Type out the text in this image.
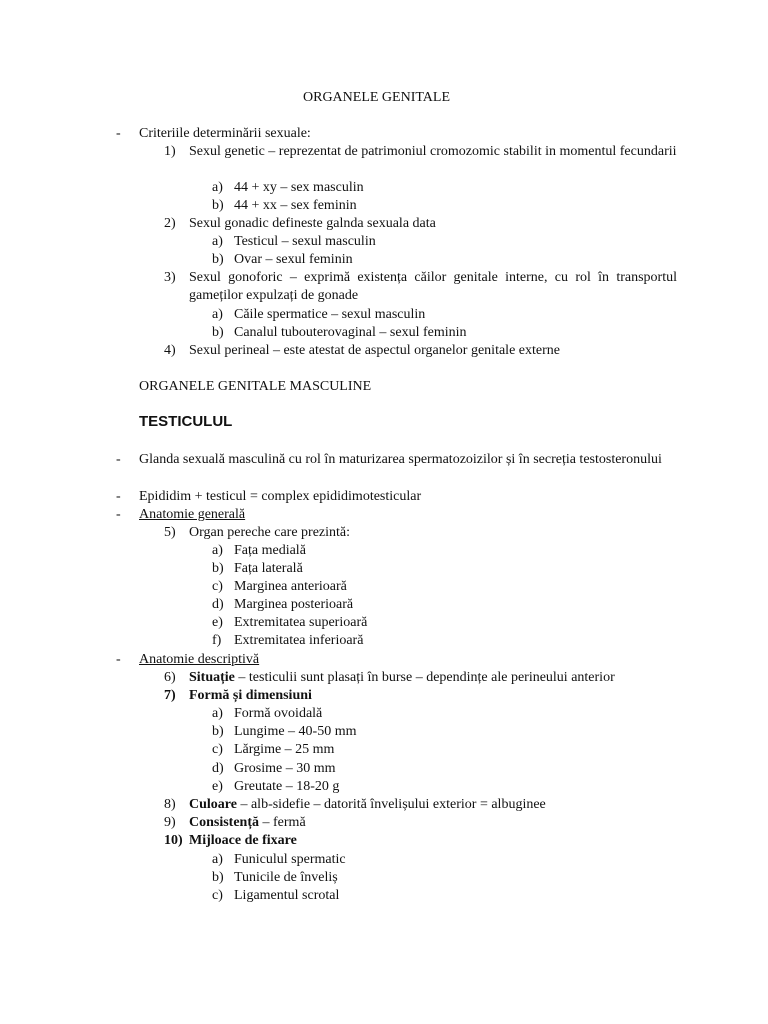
ORGANELE GENITALE
- Criteriile determinării sexuale:
1) Sexul genetic – reprezentat de patrimoniul cromozomic stabilit in momentul fecundarii
a) 44 + xy – sex masculin
b) 44 + xx – sex feminin
2) Sexul gonadic defineste galnda sexuala data
a) Testicul – sexul masculin
b) Ovar – sexul feminin
3) Sexul gonoforic – exprimă existența căilor genitale interne, cu rol în transportul gameților expulzați de gonade
a) Căile spermatice – sexul masculin
b) Canalul tubouterovaginal – sexul feminin
4) Sexul perineal – este atestat de aspectul organelor genitale externe
ORGANELE GENITALE MASCULINE
TESTICULUL
- Glanda sexuală masculină cu rol în maturizarea spermatozoizilor și în secreția testosteronului
- Epididim + testicul = complex epididimotesticular
- Anatomie generală
5) Organ pereche care prezintă:
a) Fața medială
b) Fața laterală
c) Marginea anterioară
d) Marginea posterioară
e) Extremitatea superioară
f) Extremitatea inferioară
- Anatomie descriptivă
6) Situație – testiculii sunt plasați în burse – dependințe ale perineului anterior
7) Formă și dimensiuni
a) Formă ovoidală
b) Lungime – 40-50 mm
c) Lărgime – 25 mm
d) Grosime – 30 mm
e) Greutate – 18-20 g
8) Culoare – alb-sidefie – datorită învelișului exterior = albuginee
9) Consistență – fermă
10) Mijloace de fixare
a) Funiculul spermatic
b) Tunicile de înveliș
c) Ligamentul scrotal
